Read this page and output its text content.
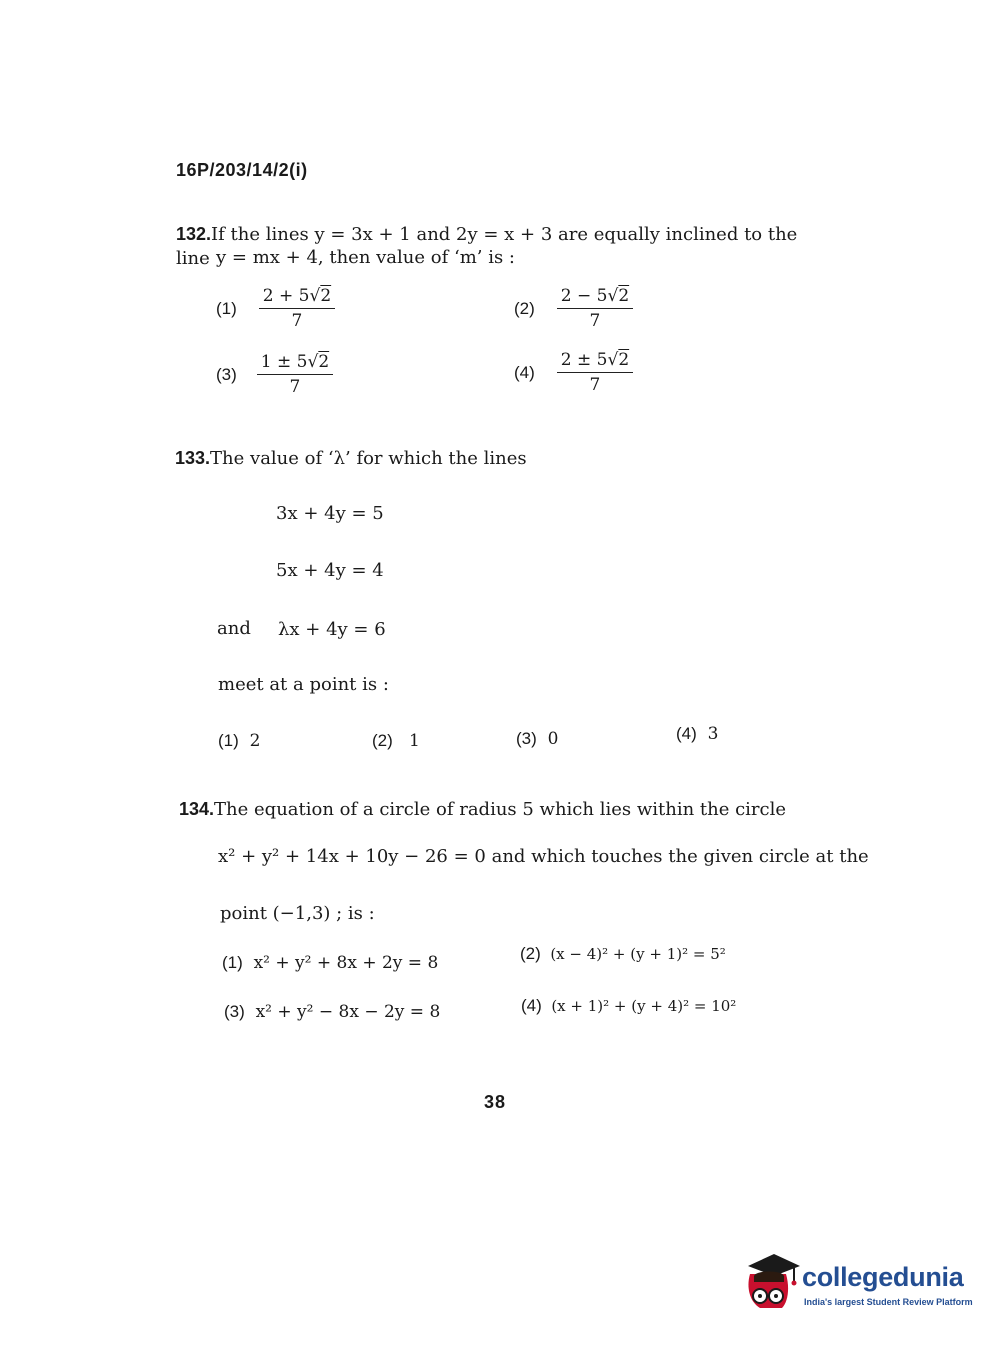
16P/203/14/2(i)
132.If the lines y = 3x + 1 and 2y = x + 3 are equally inclined to the line y = mx + 4, then value of ‘m’ is :
$(1) \frac{2 + 5√2}{7}$	$(2) \frac{2 - 5√2}{7}$
$(3) \frac{1 \pm 5√2}{7}$	$(4) \frac{2 \pm 5√2}{7}$
133.The value of ‘λ’ for which the lines
3x + 4y = 5
5x + 4y = 4
and λx + 4y = 6
meet at a point is :
(1) 2	(2) 1	(3) 0	(4) 3
134.The equation of a circle of radius 5 which lies within the circle
x² + y² + 14x + 10y − 26 = 0 and which touches the given circle at the
point (−1,3) ; is :
(1) x² + y² + 8x + 2y = 8	(2) (x − 4)² + (y + 1)² = 5²
(3) x² + y² − 8x − 2y = 8	(4) (x + 1)² + (y + 4)² = 10²
38
collegedunia
India's largest Student Review Platform
